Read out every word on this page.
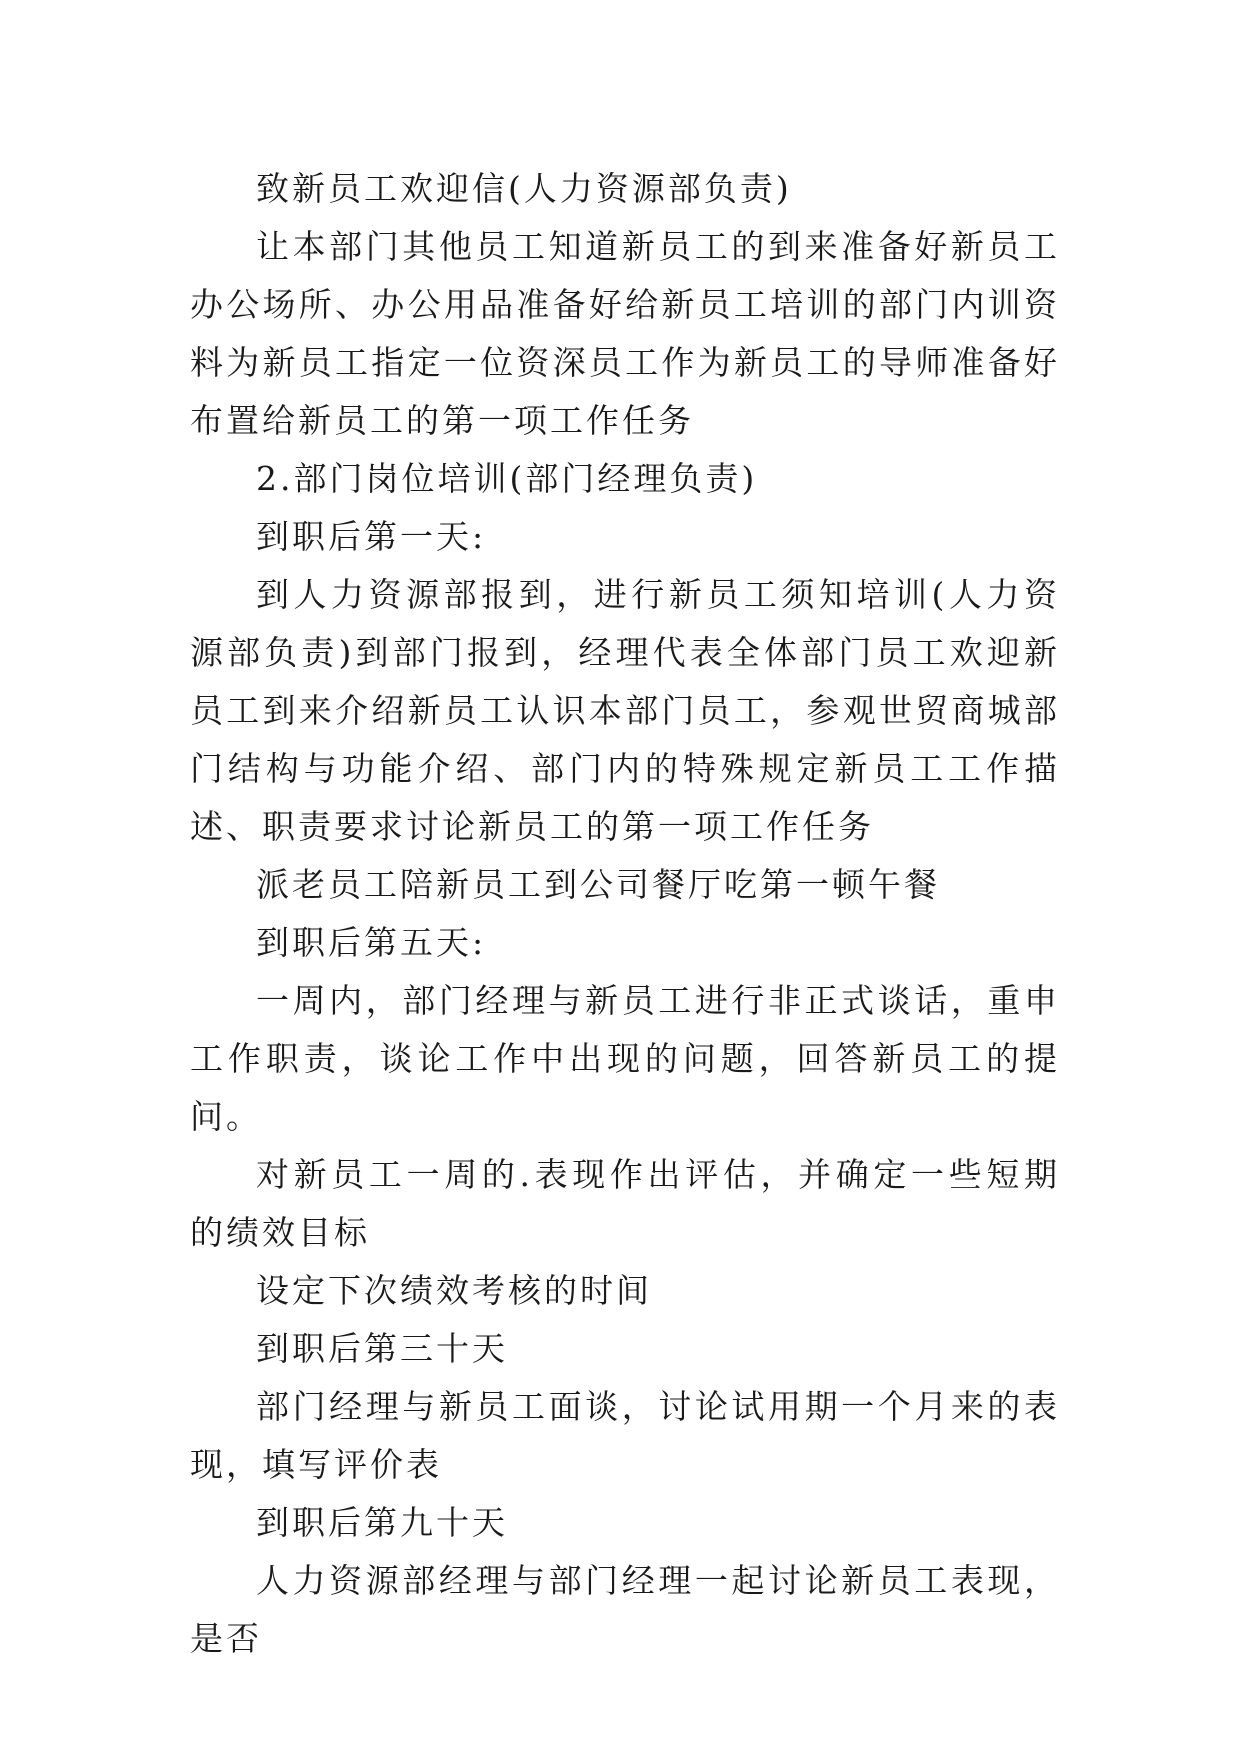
致新员工欢迎信(人力资源部负责)

让本部门其他员工知道新员工的到来准备好新员工办公场所、办公用品准备好给新员工培训的部门内训资料为新员工指定一位资深员工作为新员工的导师准备好布置给新员工的第一项工作任务

2.部门岗位培训(部门经理负责)

到职后第一天:

到人力资源部报到，进行新员工须知培训(人力资源部负责)到部门报到，经理代表全体部门员工欢迎新员工到来介绍新员工认识本部门员工，参观世贸商城部门结构与功能介绍、部门内的特殊规定新员工工作描述、职责要求讨论新员工的第一项工作任务

派老员工陪新员工到公司餐厅吃第一顿午餐

到职后第五天:

一周内，部门经理与新员工进行非正式谈话，重申工作职责，谈论工作中出现的问题，回答新员工的提问。

对新员工一周的.表现作出评估，并确定一些短期的绩效目标

设定下次绩效考核的时间

到职后第三十天

部门经理与新员工面谈，讨论试用期一个月来的表现，填写评价表

到职后第九十天

人力资源部经理与部门经理一起讨论新员工表现，是否
